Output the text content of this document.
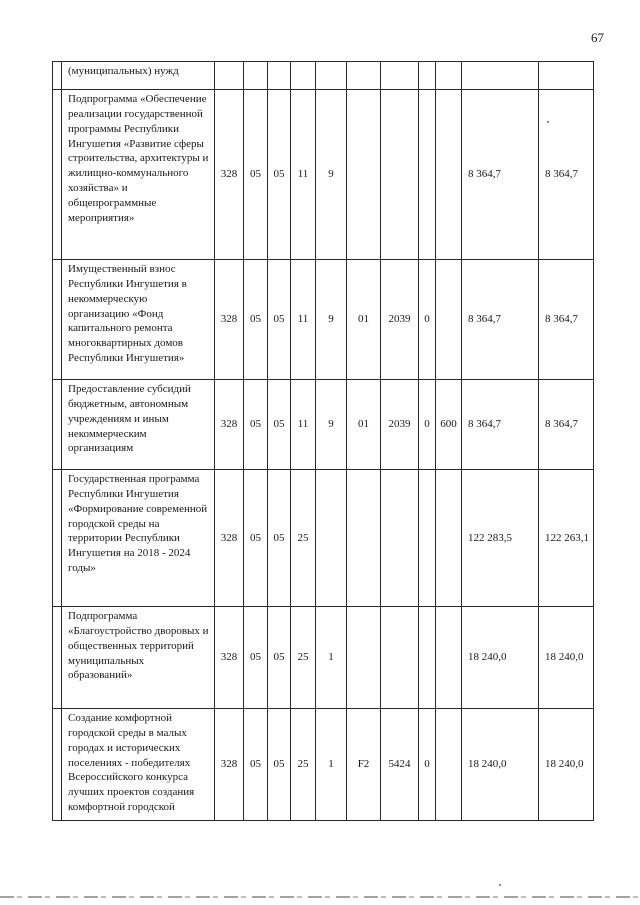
67
	(муниципальных) нужд											
	Подпрограмма «Обеспечение реализации государственной программы Республики Ингушетия «Развитие сферы строительства, архитектуры и жилищно-коммунального хозяйства» и общепрограммные мероприятия»	328	05	05	11	9					8 364,7	8 364,7
	Имущественный взнос Республики Ингушетия в некоммерческую организацию «Фонд капитального ремонта многоквартирных домов Республики Ингушетия»	328	05	05	11	9	01	2039	0		8 364,7	8 364,7
	Предоставление субсидий бюджетным, автономным учреждениям и иным некоммерческим организациям	328	05	05	11	9	01	2039	0	600	8 364,7	8 364,7
	Государственная программа Республики Ингушетия «Формирование современной городской среды на территории Республики Ингушетия на 2018 - 2024 годы»	328	05	05	25						122 283,5	122 263,1
	Подпрограмма «Благоустройство дворовых и общественных территорий муниципальных образований»	328	05	05	25	1					18 240,0	18 240,0
	Создание комфортной городской среды в малых городах и исторических поселениях - победителях Всероссийского конкурса лучших проектов создания комфортной городской	328	05	05	25	1	F2	5424	0		18 240,0	18 240,0
